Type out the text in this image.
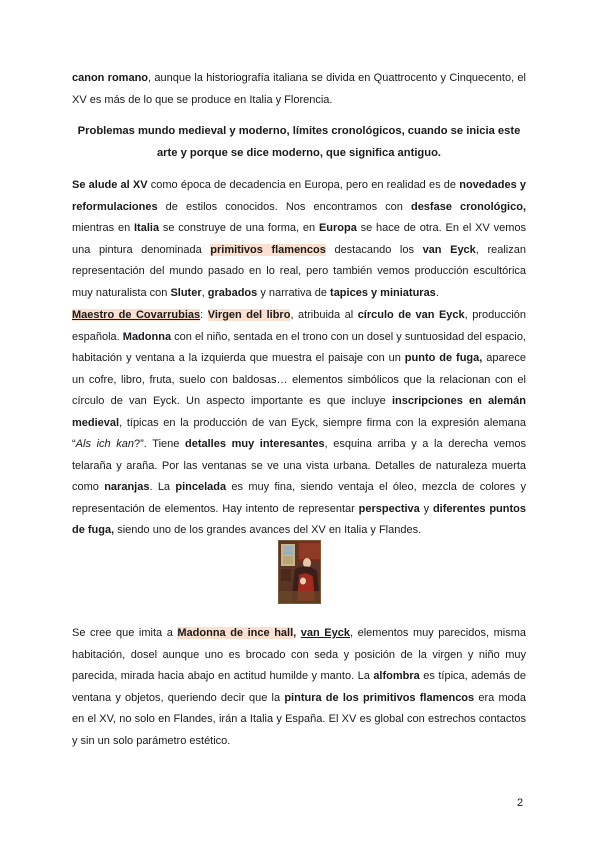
canon romano, aunque la historiografía italiana se divida en Quattrocento y Cinquecento, el XV es más de lo que se produce en Italia y Florencia.

Problemas mundo medieval y moderno, límites cronológicos, cuando se inicia este arte y porque se dice moderno, que significa antiguo.

Se alude al XV como época de decadencia en Europa, pero en realidad es de novedades y reformulaciones de estilos conocidos. Nos encontramos con desfase cronológico, mientras en Italia se construye de una forma, en Europa se hace de otra. En el XV vemos una pintura denominada primitivos flamencos destacando los van Eyck, realizan representación del mundo pasado en lo real, pero también vemos producción escultórica muy naturalista con Sluter, grabados y narrativa de tapices y miniaturas.

Maestro de Covarrubias: Virgen del libro, atribuida al círculo de van Eyck, producción española. Madonna con el niño, sentada en el trono con un dosel y suntuosidad del espacio, habitación y ventana a la izquierda que muestra el paisaje con un punto de fuga, aparece un cofre, libro, fruta, suelo con baldosas… elementos simbólicos que la relacionan con el círculo de van Eyck. Un aspecto importante es que incluye inscripciones en alemán medieval, típicas en la producción de van Eyck, siempre firma con la expresión alemana “Als ich kan?”. Tiene detalles muy interesantes, esquina arriba y a la derecha vemos telaraña y araña. Por las ventanas se ve una vista urbana. Detalles de naturaleza muerta como naranjas. La pincelada es muy fina, siendo ventaja el óleo, mezcla de colores y representación de elementos. Hay intento de representar perspectiva y diferentes puntos de fuga, siendo uno de los grandes avances del XV en Italia y Flandes.

Se cree que imita a Madonna de ince hall, van Eyck, elementos muy parecidos, misma habitación, dosel aunque uno es brocado con seda y posición de la virgen y niño muy parecida, mirada hacia abajo en actitud humilde y manto. La alfombra es típica, además de ventana y objetos, queriendo decir que la pintura de los primitivos flamencos era moda en el XV, no solo en Flandes, irán a Italia y España. El XV es global con estrechos contactos y sin un solo parámetro estético.

2
